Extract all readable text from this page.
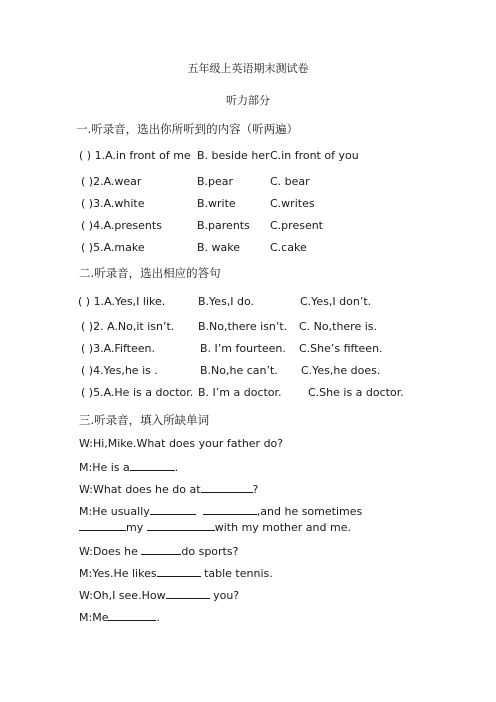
五年级上英语期末测试卷
听力部分
一.听录音，选出你所听到的内容（听两遍）
( ) 1.A.in front of me B. beside her C.in front of you
( )2.A.wear	B.pear	C. bear
( )3.A.white	B.write	C.writes
( )4.A.presents	B.parents C.present
( )5.A.make	B. wake	C.cake
二.听录音，选出相应的答句
( ) 1.A.Yes,I like.	B.Yes,I do.	C.Yes,I don’t.
( )2. A.No,it isn’t. B.No,there isn’t. C. No,there is.
( )3.A.Fifteen.	B. I’m fourteen. C.She’s fifteen.
( )4.Yes,he is .	B.No,he can’t. C.Yes,he does.
( )5.A.He is a doctor. B. I’m a doctor. C.She is a doctor.
三.听录音，填入所缺单词
W:Hi,Mike.What does your father do?
M:He is a	.
W:What does he do at	?
M:He usually	,and he sometimes
my	with my mother and me.
W:Does he	do sports?
M:Yes.He likes	table tennis.
W:Oh,I see.How	you?
M:Me	.
